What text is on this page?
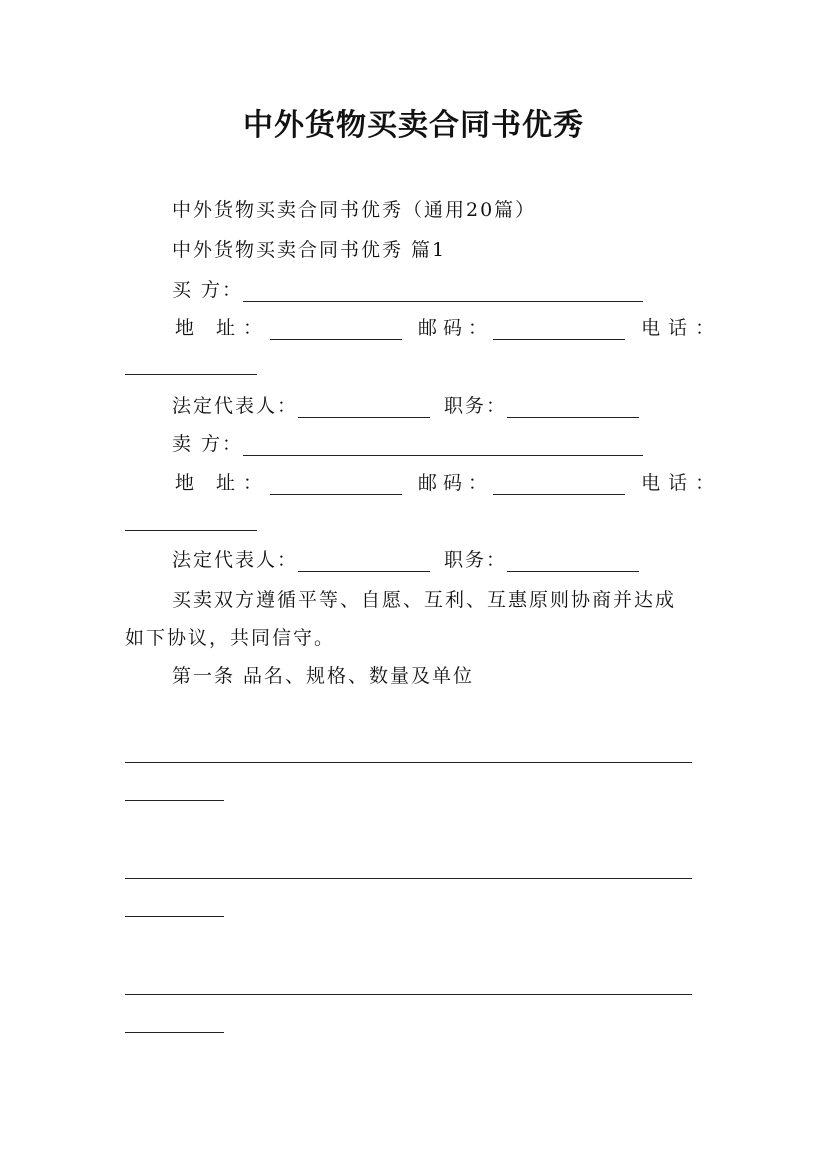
中外货物买卖合同书优秀
中外货物买卖合同书优秀（通用20篇）
中外货物买卖合同书优秀 篇1
买 方：
地 址：	邮码：	电话：
法定代表人：	职务：
卖 方：
地 址：	邮码：	电话：
法定代表人：	职务：
买卖双方遵循平等、自愿、互利、互惠原则协商并达成
如下协议，共同信守。
第一条 品名、规格、数量及单位
